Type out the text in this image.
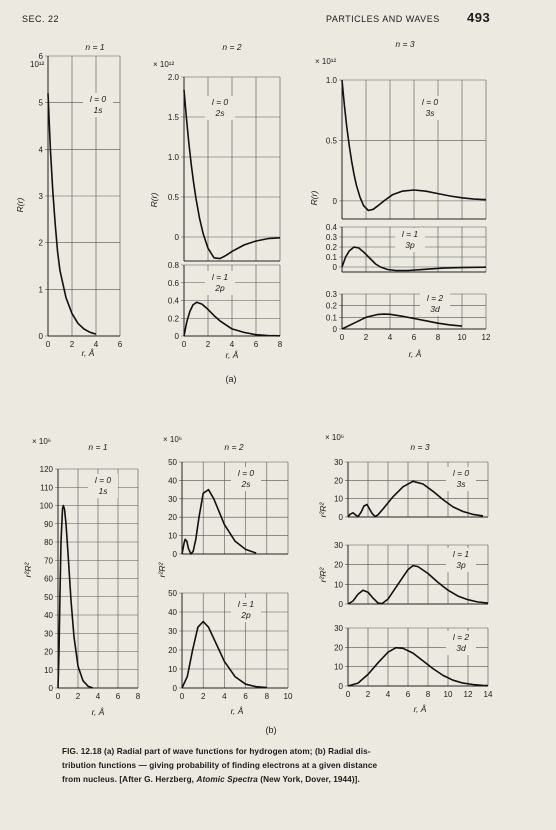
SEC. 22	PARTICLES AND WAVES 493
(a)
(b)
0
1
2
3
4
5
6
0 2 4 6
l = 0
1s
n = 1
10¹²
R(r)
r, Å
0
0.5
1.0
1.5
2.0
l = 0
2s
n = 2
× 10¹²
R(r)
0
0.2
0.4
0.6
0.8
0 2 4 6 8
l = 1
2p
r, Å
0
0.5
1.0
l = 0
3s
n = 3
× 10¹²
R(r)
0
0.1
0.2
0.3
0.4
l = 1
3p
0
0.1
0.2
0.3
0 2 4 6 8 10 12
l = 2
3d
r, Å
0
10
20
30
40
50
60
70
80
90
100
110
120
0 2 4 6 8
l = 0
1s
n = 1
× 10⁶
r²R²
r, Å
0
10
20
30
40
50
l = 0
2s
n = 2
× 10⁶
r²R²
0
10
20
30
40
50
0 2 4 6 8 10
l = 1
2p
r, Å
0
10
20
30
l = 0
3s
n = 3
× 10⁶
r²R²
0
10
20
30
l = 1
3p
r²R²
0
10
20
30
0 2 4 6 8 10 12 14
l = 2
3d
r, Å
FIG. 12.18 (a) Radial part of wave functions for hydrogen atom; (b) Radial dis-
tribution functions — giving probability of finding electrons at a given distance
from nucleus. [After G. Herzberg, Atomic Spectra (New York, Dover, 1944)].
